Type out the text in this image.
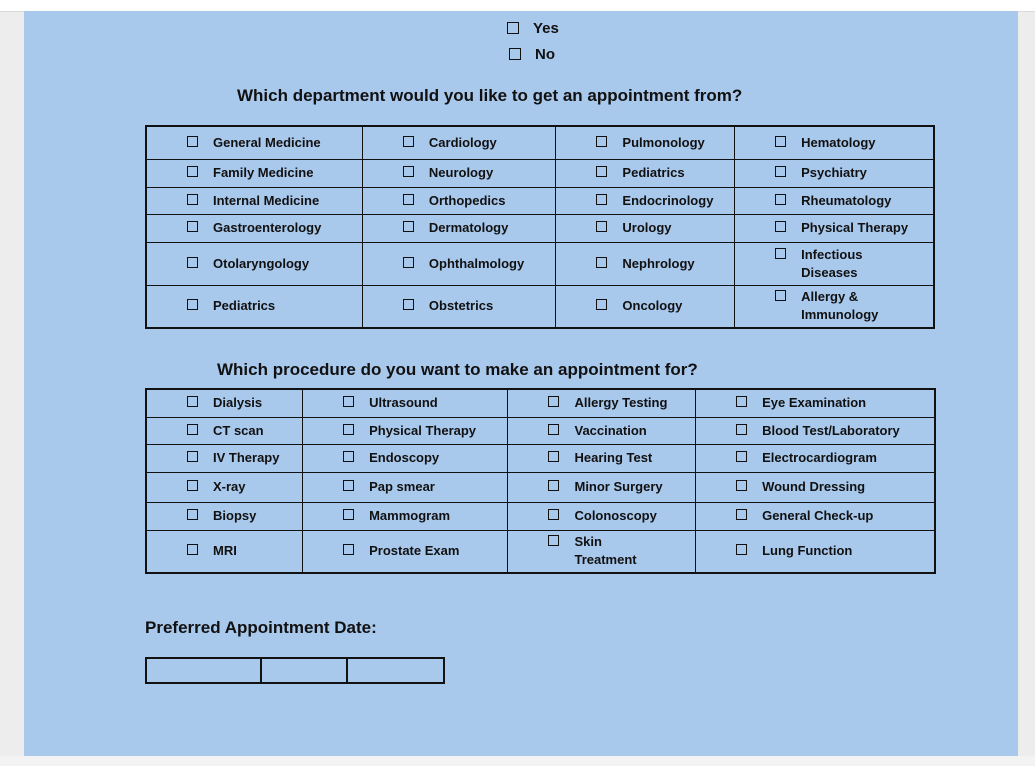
Yes
No
Which department would you like to get an appointment from?
General Medicine	Cardiology	Pulmonology	Hematology

Family Medicine	Neurology	Pediatrics	Psychiatry

Internal Medicine	Orthopedics	Endocrinology	Rheumatology

Gastroenterology	Dermatology	Urology	Physical Therapy

Otolaryngology	Ophthalmology	Nephrology	Infectious Diseases

Pediatrics	Obstetrics	Oncology	Allergy & Immunology
Which procedure do you want to make an appointment for?
Dialysis	Ultrasound	Allergy Testing	Eye Examination

CT scan	Physical Therapy	Vaccination	Blood Test/Laboratory

IV Therapy	Endoscopy	Hearing Test	Electrocardiogram

X-ray	Pap smear	Minor Surgery	Wound Dressing

Biopsy	Mammogram	Colonoscopy	General Check-up

MRI	Prostate Exam	Skin Treatment	Lung Function
Preferred Appointment Date:
